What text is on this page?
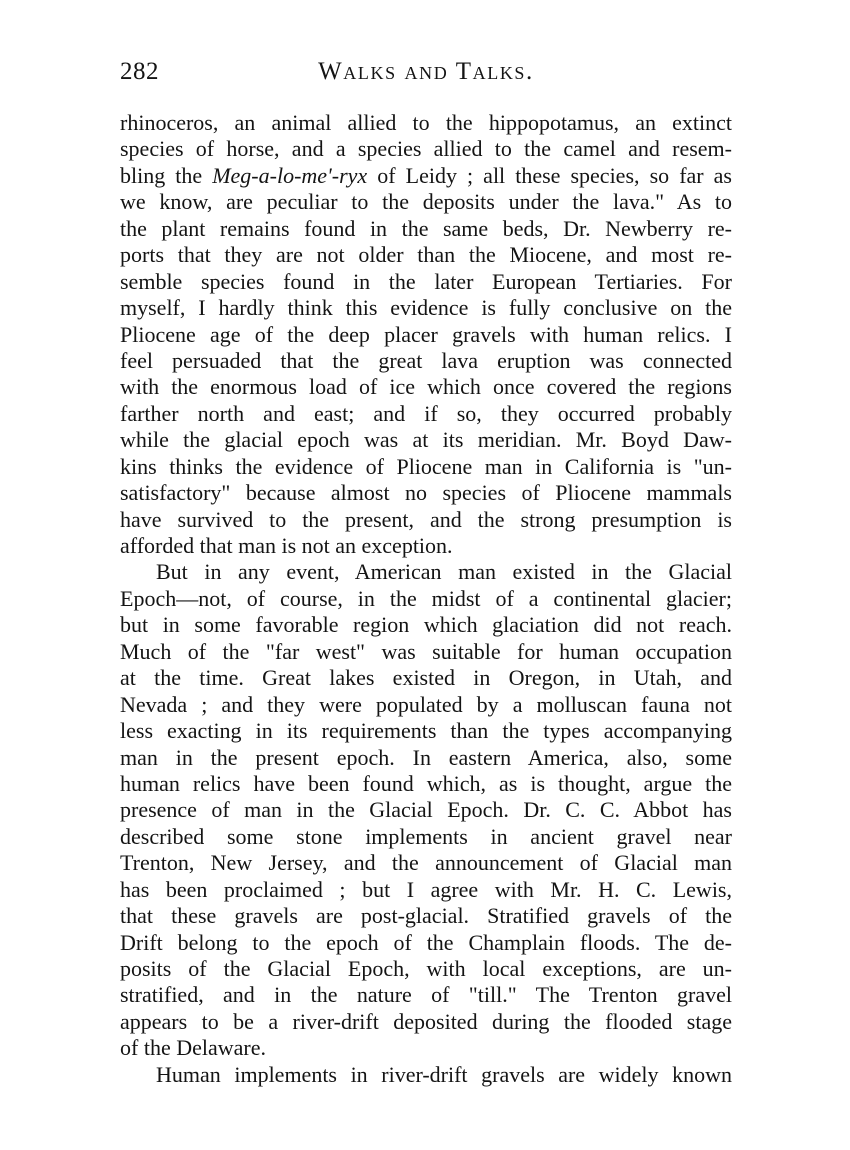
282	Walks and Talks.
rhinoceros, an animal allied to the hippopotamus, an extinct
species of horse, and a species allied to the camel and resem-
bling the Meg-a-lo-me'-ryx of Leidy ; all these species, so far as
we know, are peculiar to the deposits under the lava." As to
the plant remains found in the same beds, Dr. Newberry re-
ports that they are not older than the Miocene, and most re-
semble species found in the later European Tertiaries. For
myself, I hardly think this evidence is fully conclusive on the
Pliocene age of the deep placer gravels with human relics. I
feel persuaded that the great lava eruption was connected
with the enormous load of ice which once covered the regions
farther north and east; and if so, they occurred probably
while the glacial epoch was at its meridian. Mr. Boyd Daw-
kins thinks the evidence of Pliocene man in California is "un-
satisfactory" because almost no species of Pliocene mammals
have survived to the present, and the strong presumption is
afforded that man is not an exception.
But in any event, American man existed in the Glacial
Epoch—not, of course, in the midst of a continental glacier;
but in some favorable region which glaciation did not reach.
Much of the "far west" was suitable for human occupation
at the time. Great lakes existed in Oregon, in Utah, and
Nevada ; and they were populated by a molluscan fauna not
less exacting in its requirements than the types accompanying
man in the present epoch. In eastern America, also, some
human relics have been found which, as is thought, argue the
presence of man in the Glacial Epoch. Dr. C. C. Abbot has
described some stone implements in ancient gravel near
Trenton, New Jersey, and the announcement of Glacial man
has been proclaimed ; but I agree with Mr. H. C. Lewis,
that these gravels are post-glacial. Stratified gravels of the
Drift belong to the epoch of the Champlain floods. The de-
posits of the Glacial Epoch, with local exceptions, are un-
stratified, and in the nature of "till." The Trenton gravel
appears to be a river-drift deposited during the flooded stage
of the Delaware.
Human implements in river-drift gravels are widely known
